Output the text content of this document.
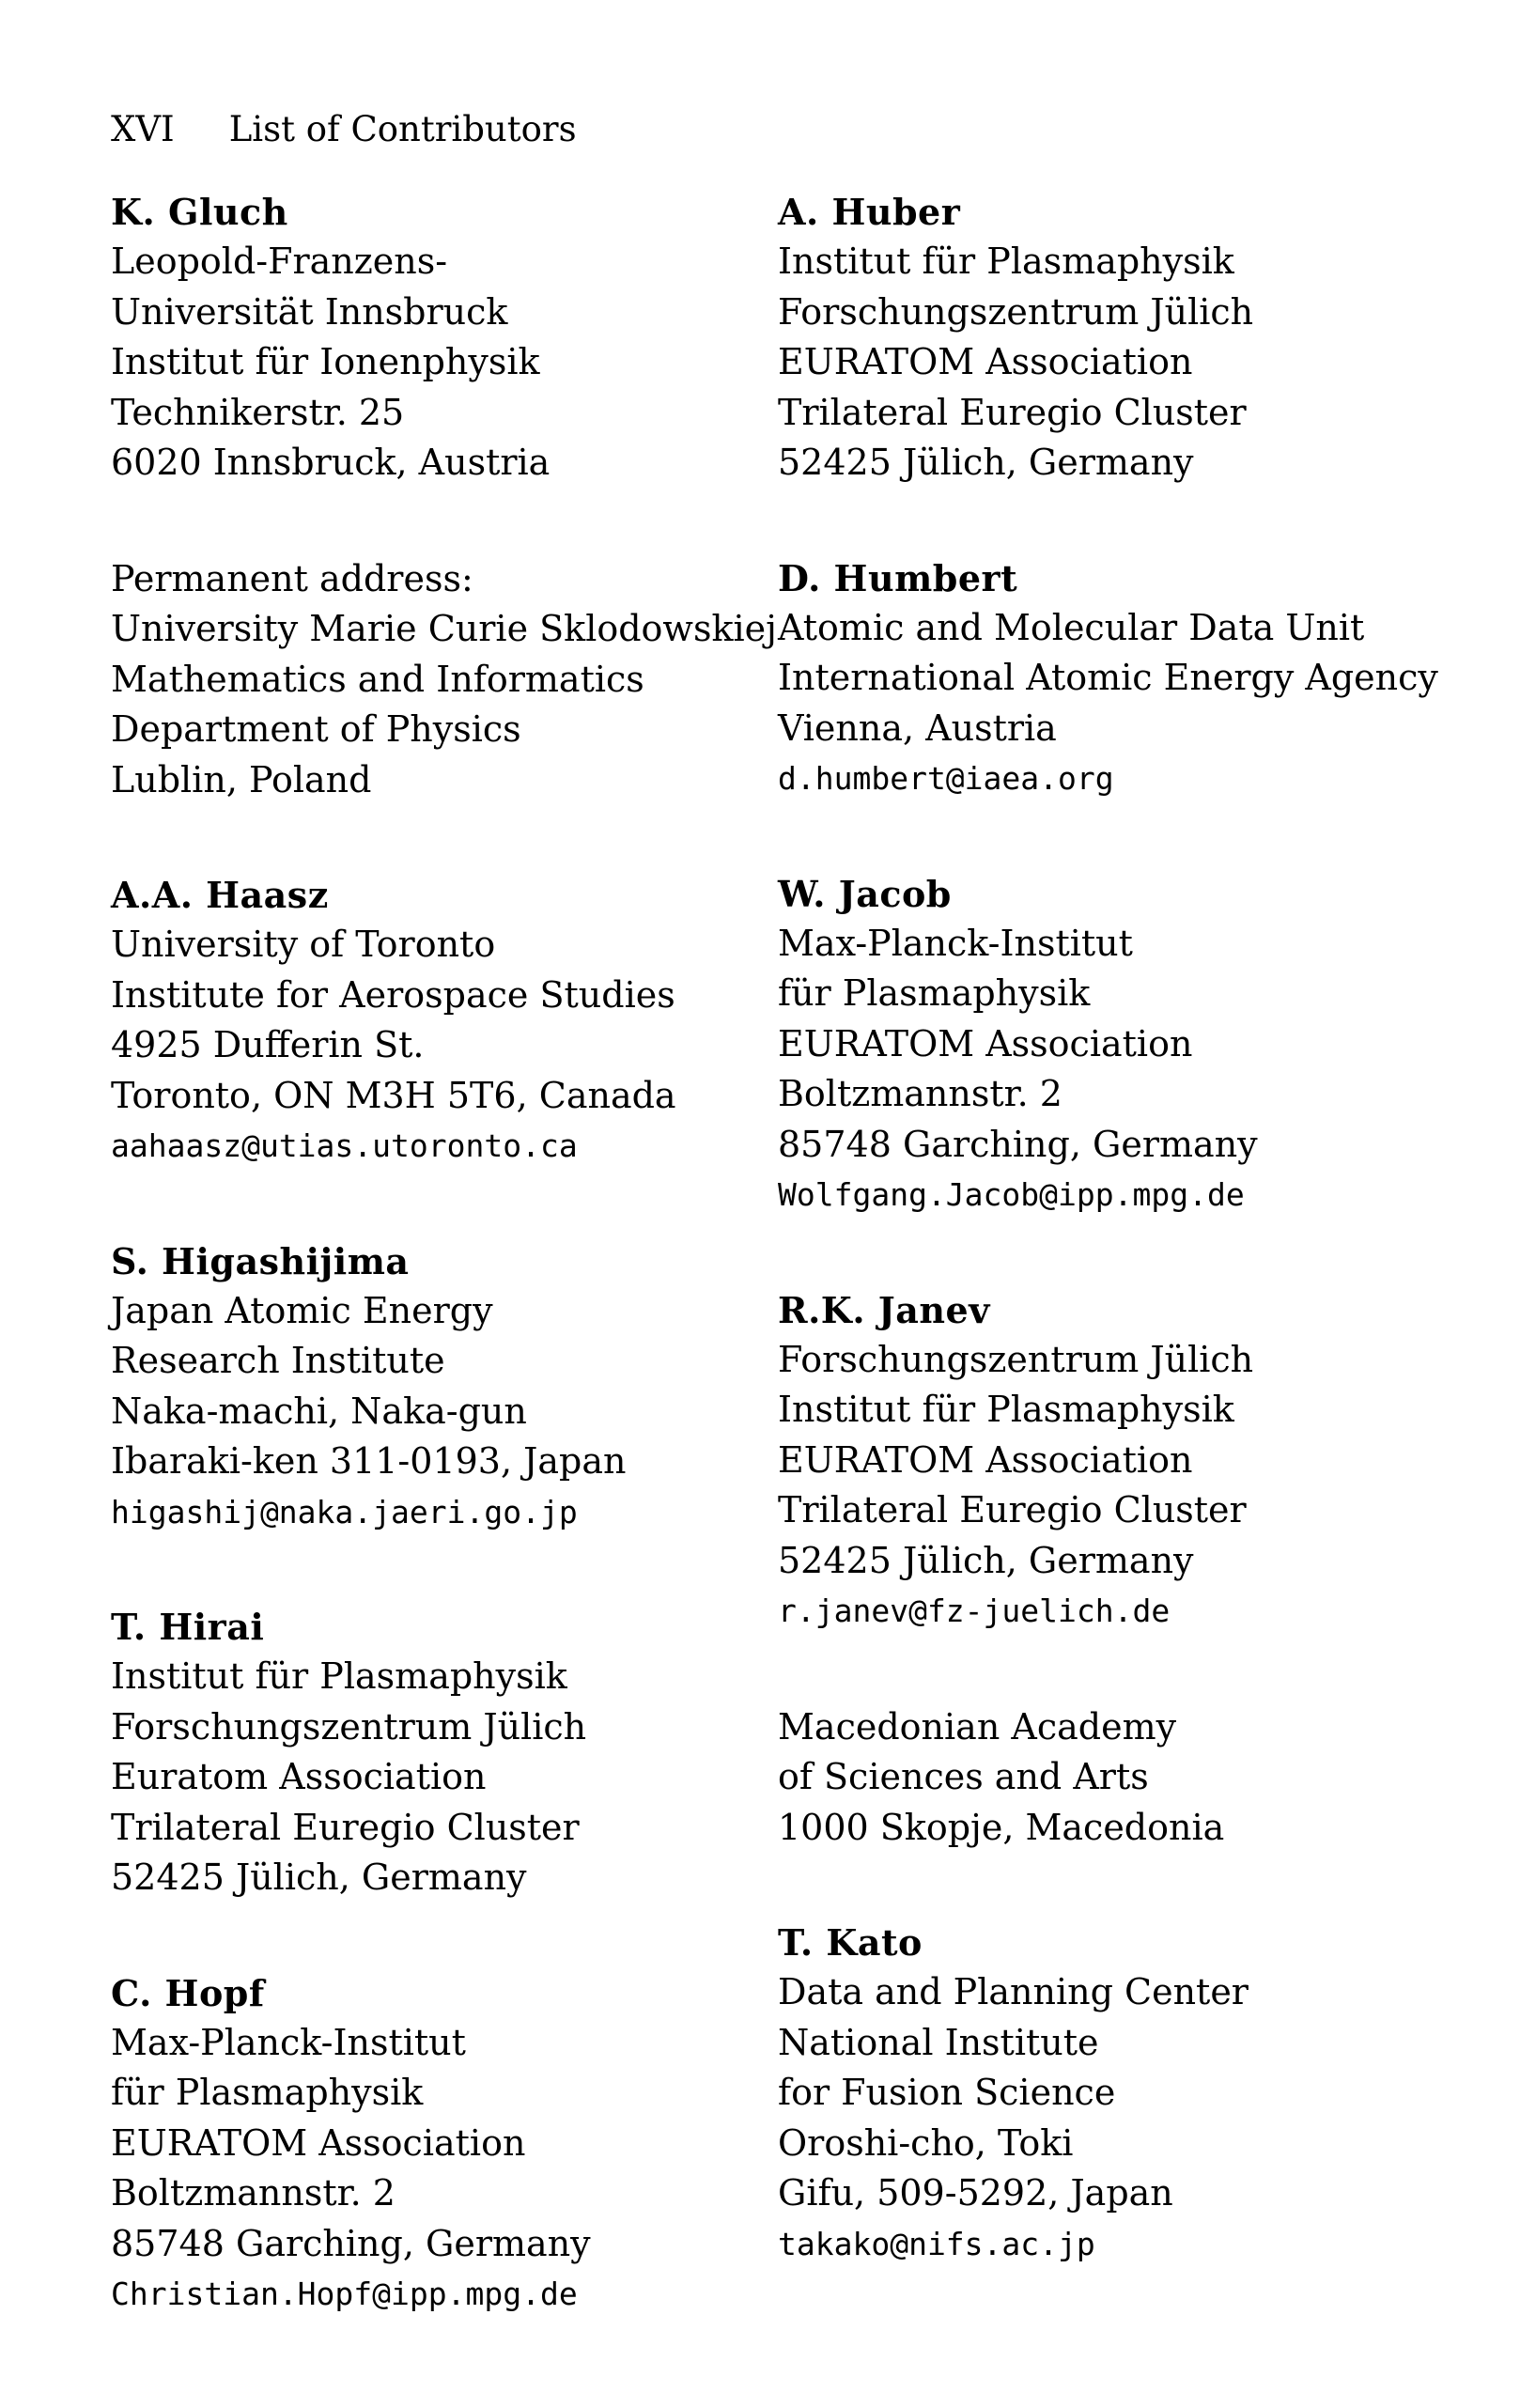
XVI List of Contributors
K. Gluch
Leopold-Franzens-
Universität Innsbruck
Institut für Ionenphysik
Technikerstr. 25
6020 Innsbruck, Austria
Permanent address:
University Marie Curie Sklodowskiej
Mathematics and Informatics
Department of Physics
Lublin, Poland
A.A. Haasz
University of Toronto
Institute for Aerospace Studies
4925 Dufferin St.
Toronto, ON M3H 5T6, Canada
aahaasz@utias.utoronto.ca
S. Higashijima
Japan Atomic Energy
Research Institute
Naka-machi, Naka-gun
Ibaraki-ken 311-0193, Japan
higashij@naka.jaeri.go.jp
T. Hirai
Institut für Plasmaphysik
Forschungszentrum Jülich
Euratom Association
Trilateral Euregio Cluster
52425 Jülich, Germany
C. Hopf
Max-Planck-Institut
für Plasmaphysik
EURATOM Association
Boltzmannstr. 2
85748 Garching, Germany
Christian.Hopf@ipp.mpg.de
A. Huber
Institut für Plasmaphysik
Forschungszentrum Jülich
EURATOM Association
Trilateral Euregio Cluster
52425 Jülich, Germany
D. Humbert
Atomic and Molecular Data Unit
International Atomic Energy Agency
Vienna, Austria
d.humbert@iaea.org
W. Jacob
Max-Planck-Institut
für Plasmaphysik
EURATOM Association
Boltzmannstr. 2
85748 Garching, Germany
Wolfgang.Jacob@ipp.mpg.de
R.K. Janev
Forschungszentrum Jülich
Institut für Plasmaphysik
EURATOM Association
Trilateral Euregio Cluster
52425 Jülich, Germany
r.janev@fz-juelich.de
Macedonian Academy
of Sciences and Arts
1000 Skopje, Macedonia
T. Kato
Data and Planning Center
National Institute
for Fusion Science
Oroshi-cho, Toki
Gifu, 509-5292, Japan
takako@nifs.ac.jp
